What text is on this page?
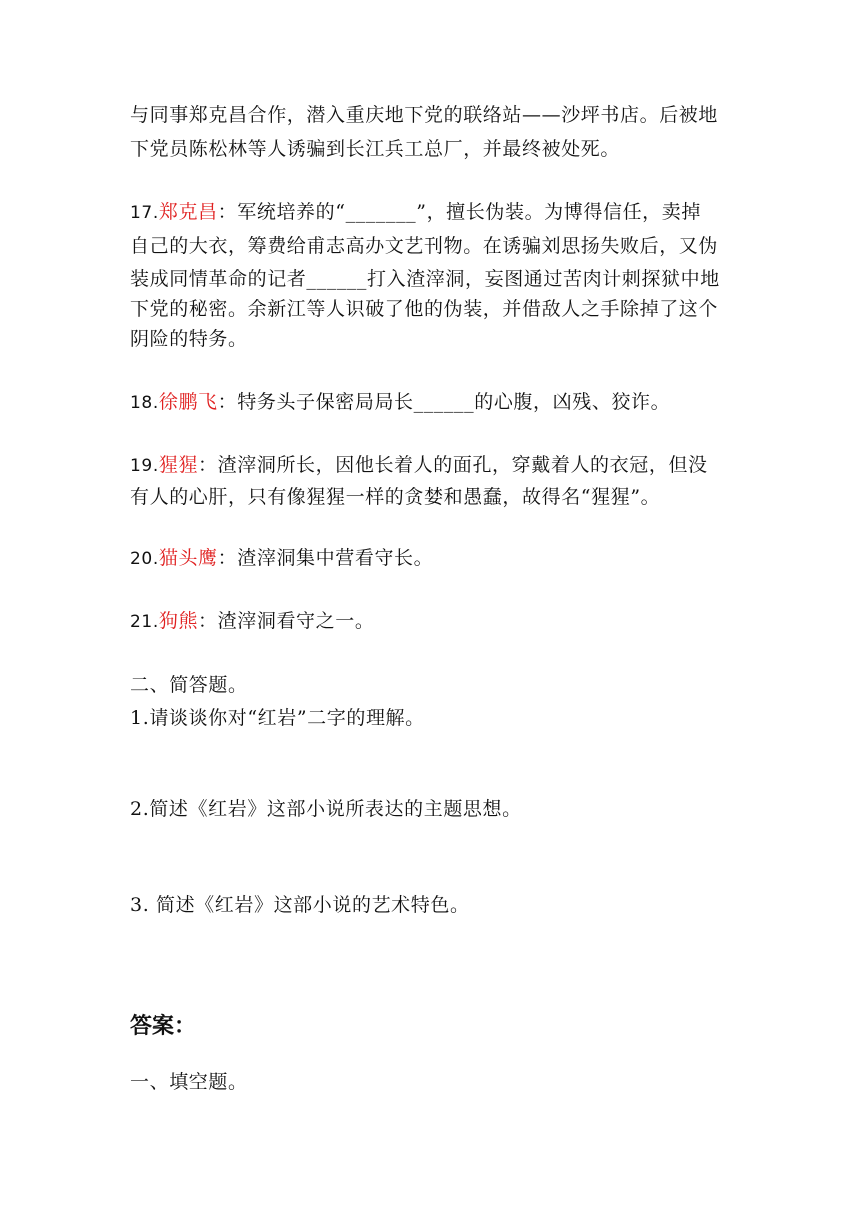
与同事郑克昌合作，潜入重庆地下党的联络站——沙坪书店。后被地
下党员陈松林等人诱骗到长江兵工总厂，并最终被处死。
17.郑克昌：军统培养的“_______”，擅长伪装。为博得信任，卖掉
自己的大衣，筹费给甫志高办文艺刊物。在诱骗刘思扬失败后，又伪
装成同情革命的记者______打入渣滓洞，妄图通过苦肉计刺探狱中地
下党的秘密。余新江等人识破了他的伪装，并借敌人之手除掉了这个
阴险的特务。
18.徐鹏飞：特务头子保密局局长______的心腹，凶残、狡诈。
19.猩猩：渣滓洞所长，因他长着人的面孔，穿戴着人的衣冠，但没
有人的心肝，只有像猩猩一样的贪婪和愚蠢，故得名“猩猩”。
20.猫头鹰：渣滓洞集中营看守长。
21.狗熊：渣滓洞看守之一。
二、简答题。
1.请谈谈你对“红岩”二字的理解。
2.简述《红岩》这部小说所表达的主题思想。
3. 简述《红岩》这部小说的艺术特色。
答案：
一、填空题。
